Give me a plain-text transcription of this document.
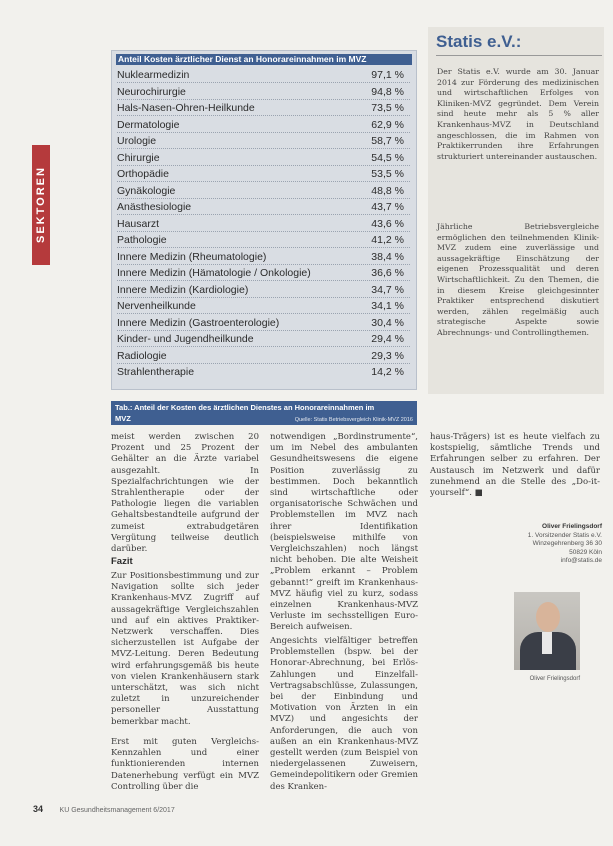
SEKTOREN
Anteil Kosten ärztlicher Dienst an Honorareinnahmen im MVZ
Nuklearmedizin	97,1 %
Neurochirurgie	94,8 %
Hals-Nasen-Ohren-Heilkunde	73,5 %
Dermatologie	62,9 %
Urologie	58,7 %
Chirurgie	54,5 %
Orthopädie	53,5 %
Gynäkologie	48,8 %
Anästhesiologie	43,7 %
Hausarzt	43,6 %
Pathologie	41,2 %
Innere Medizin (Rheumatologie)	38,4 %
Innere Medizin (Hämatologie / Onkologie)	36,6 %
Innere Medizin (Kardiologie)	34,7 %
Nervenheilkunde	34,1 %
Innere Medizin (Gastroenterologie)	30,4 %
Kinder- und Jugendheilkunde	29,4 %
Radiologie	29,3 %
Strahlentherapie	14,2 %
Tab.: Anteil der Kosten des ärztlichen Dienstes an Honorareinnahmen im
MVZ	Quelle: Statis Betriebsvergleich Klinik-MVZ 2016

meist werden zwischen 20 Prozent und 25 Prozent der Gehälter an die Ärzte variabel ausgezahlt. In Spezialfachrichtungen wie der Strahlentherapie oder der Pathologie liegen die variablen Gehaltsbestandteile aufgrund der zumeist extrabudgetären Vergütung teilweise deutlich darüber.

Fazit

Zur Positionsbestimmung und zur Navigation sollte sich jeder Krankenhaus-MVZ Zugriff auf aussagekräftige Vergleichszahlen und auf ein aktives Praktiker-Netzwerk verschaffen. Dies sicherzustellen ist Aufgabe der MVZ-Leitung. Deren Bedeutung wird erfahrungsgemäß bis heute von vielen Krankenhäusern stark unterschätzt, was sich nicht zuletzt in unzureichender personeller Ausstattung bemerkbar macht.

Erst mit guten Vergleichs-Kennzahlen und einer funktionierenden internen Datenerhebung verfügt ein MVZ Controlling über die

notwendigen „Bordinstrumente“, um im Nebel des ambulanten Gesundheitswesens die eigene Position zuverlässig zu bestimmen. Doch bekanntlich sind wirtschaftliche oder organisatorische Schwächen und Problemstellen im MVZ nach ihrer Identifikation (beispielsweise mithilfe von Vergleichszahlen) noch längst nicht behoben. Die alte Weisheit „Problem erkannt – Problem gebannt!“ greift im Krankenhaus-MVZ häufig viel zu kurz, sodass einzelnen Krankenhaus-MVZ Verluste im sechsstelligen Euro-Bereich aufweisen.

Angesichts vielfältiger betreffen Problemstellen (bspw. bei der Honorar-Abrechnung, bei Erlös-Zahlungen und Einzelfall-Vertragsabschlüsse, Zulassungen, bei der Einbindung und Motivation von Ärzten in ein MVZ) und angesichts der Anforderungen, die auch von außen an ein Krankenhaus-MVZ gestellt werden (zum Beispiel von niedergelassenen Zuweisern, Gemeindepolitikern oder Gremien des Kranken-

Statis e.V.:
Der Statis e.V. wurde am 30. Januar 2014 zur Förderung des medizinischen und wirtschaftlichen Erfolges von Kliniken-MVZ gegründet. Dem Verein sind heute mehr als 5 % aller Krankenhaus-MVZ in Deutschland angeschlossen, die im Rahmen von Praktikerrunden ihre Erfahrungen strukturiert untereinander austauschen.
Jährliche Betriebsvergleiche ermöglichen den teilnehmenden Klinik-MVZ zudem eine zuverlässige und aussagekräftige Einschätzung der eigenen Prozessqualität und deren Wirtschaftlichkeit. Zu den Themen, die in diesem Kreise gleichgesinnter Praktiker entsprechend diskutiert werden, zählen regelmäßig auch strategische Aspekte sowie Abrechnungs- und Controllingthemen.

haus-Trägers) ist es heute vielfach zu kostspielig, sämtliche Trends und Erfahrungen selber zu erfahren. Der Austausch im Netzwerk und dafür zunehmend an die Stelle des „Do-it-yourself“. ■

Oliver Frielingsdorf
1. Vorsitzender Statis e.V.
Winzegehrenberg 36 30
50829 Köln
info@statis.de
Oliver Frielingsdorf
34 KU Gesundheitsmanagement 6/2017
